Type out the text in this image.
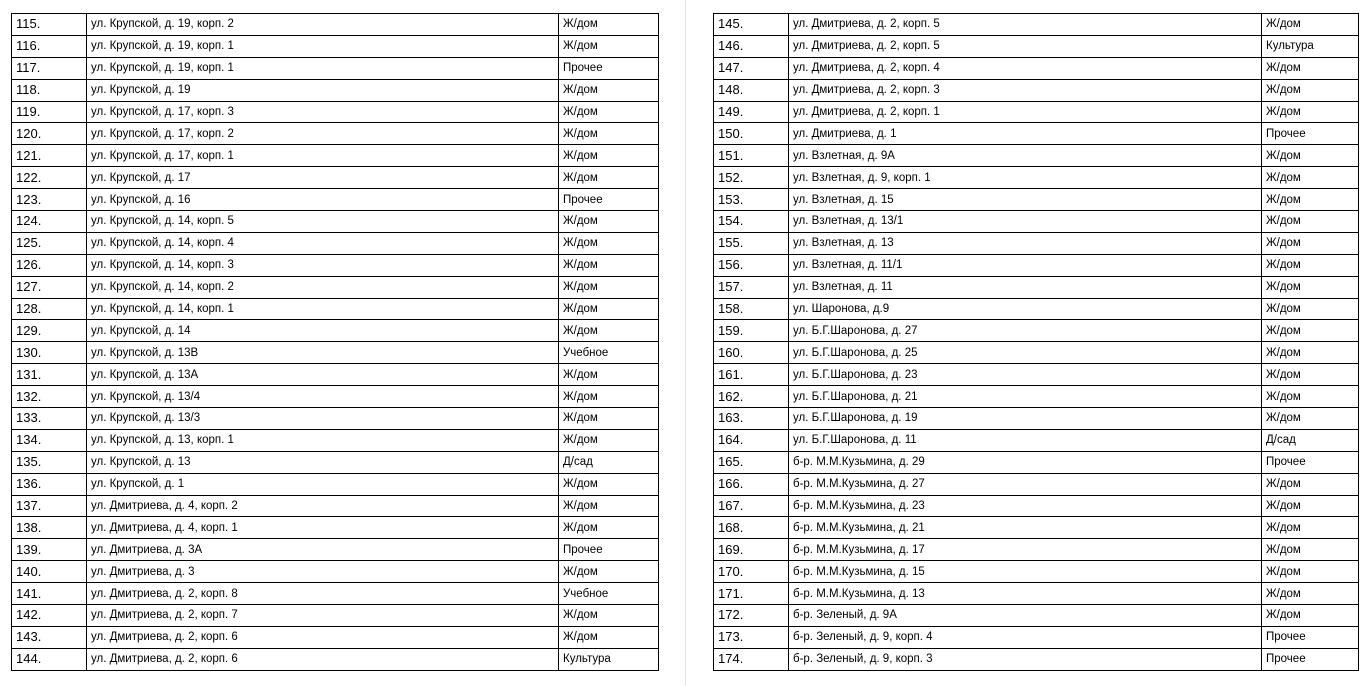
115.	ул. Крупской, д. 19, корп. 2	Ж/дом
116.	ул. Крупской, д. 19, корп. 1	Ж/дом
117.	ул. Крупской, д. 19, корп. 1	Прочее
118.	ул. Крупской, д. 19	Ж/дом
119.	ул. Крупской, д. 17, корп. 3	Ж/дом
120.	ул. Крупской, д. 17, корп. 2	Ж/дом
121.	ул. Крупской, д. 17, корп. 1	Ж/дом
122.	ул. Крупской, д. 17	Ж/дом
123.	ул. Крупской, д. 16	Прочее
124.	ул. Крупской, д. 14, корп. 5	Ж/дом
125.	ул. Крупской, д. 14, корп. 4	Ж/дом
126.	ул. Крупской, д. 14, корп. 3	Ж/дом
127.	ул. Крупской, д. 14, корп. 2	Ж/дом
128.	ул. Крупской, д. 14, корп. 1	Ж/дом
129.	ул. Крупской, д. 14	Ж/дом
130.	ул. Крупской, д. 13В	Учебное
131.	ул. Крупской, д. 13А	Ж/дом
132.	ул. Крупской, д. 13/4	Ж/дом
133.	ул. Крупской, д. 13/3	Ж/дом
134.	ул. Крупской, д. 13, корп. 1	Ж/дом
135.	ул. Крупской, д. 13	Д/сад
136.	ул. Крупской, д. 1	Ж/дом
137.	ул. Дмитриева, д. 4, корп. 2	Ж/дом
138.	ул. Дмитриева, д. 4, корп. 1	Ж/дом
139.	ул. Дмитриева, д. 3А	Прочее
140.	ул. Дмитриева, д. 3	Ж/дом
141.	ул. Дмитриева, д. 2, корп. 8	Учебное
142.	ул. Дмитриева, д. 2, корп. 7	Ж/дом
143.	ул. Дмитриева, д. 2, корп. 6	Ж/дом
144.	ул. Дмитриева, д. 2, корп. 6	Культура
145.	ул. Дмитриева, д. 2, корп. 5	Ж/дом
146.	ул. Дмитриева, д. 2, корп. 5	Культура
147.	ул. Дмитриева, д. 2, корп. 4	Ж/дом
148.	ул. Дмитриева, д. 2, корп. 3	Ж/дом
149.	ул. Дмитриева, д. 2, корп. 1	Ж/дом
150.	ул. Дмитриева, д. 1	Прочее
151.	ул. Взлетная, д. 9А	Ж/дом
152.	ул. Взлетная, д. 9, корп. 1	Ж/дом
153.	ул. Взлетная, д. 15	Ж/дом
154.	ул. Взлетная, д. 13/1	Ж/дом
155.	ул. Взлетная, д. 13	Ж/дом
156.	ул. Взлетная, д. 11/1	Ж/дом
157.	ул. Взлетная, д. 11	Ж/дом
158.	ул. Шаронова, д.9	Ж/дом
159.	ул. Б.Г.Шаронова, д. 27	Ж/дом
160.	ул. Б.Г.Шаронова, д. 25	Ж/дом
161.	ул. Б.Г.Шаронова, д. 23	Ж/дом
162.	ул. Б.Г.Шаронова, д. 21	Ж/дом
163.	ул. Б.Г.Шаронова, д. 19	Ж/дом
164.	ул. Б.Г.Шаронова, д. 11	Д/сад
165.	б-р. М.М.Кузьмина, д. 29	Прочее
166.	б-р. М.М.Кузьмина, д. 27	Ж/дом
167.	б-р. М.М.Кузьмина, д. 23	Ж/дом
168.	б-р. М.М.Кузьмина, д. 21	Ж/дом
169.	б-р. М.М.Кузьмина, д. 17	Ж/дом
170.	б-р. М.М.Кузьмина, д. 15	Ж/дом
171.	б-р. М.М.Кузьмина, д. 13	Ж/дом
172.	б-р. Зеленый, д. 9А	Ж/дом
173.	б-р. Зеленый, д. 9, корп. 4	Прочее
174.	б-р. Зеленый, д. 9, корп. 3	Прочее
